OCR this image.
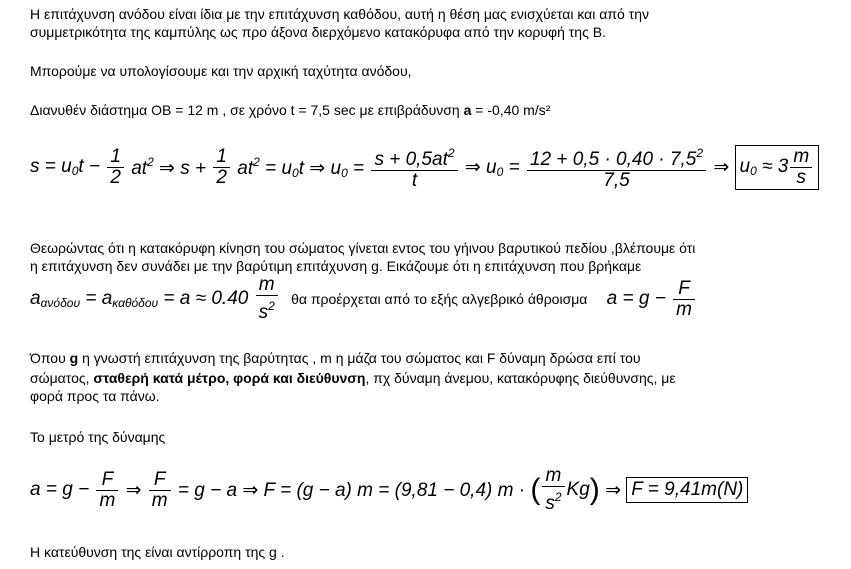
Η επιτάχυνση ανόδου είναι ίδια με την επιτάχυνση καθόδου, αυτή η θέση μας ενισχύεται και από την
συμμετρικότητα της καμπύλης ως προ άξονα διερχόμενο κατακόρυφα από την κορυφή της Β.
Μπορούμε να υπολογίσουμε και την αρχική ταχύτητα ανόδου,
Διανυθέν διάστημα ΟΒ = 12 m , σε χρόνο t = 7,5 sec με επιβράδυνση a = -0,40 m/s²
$s = u_0t - \frac{1}{2} at^2$ ⇒ $s + \frac{1}{2} at^2 = u_0t$ ⇒ $u_0 = \frac{s + 0,5at^2}{t}$ ⇒ $u_0 = \frac{12 + 0,5 \cdot 0,40 \cdot 7,5^2}{7,5}$ ⇒ $u_0 \approx 3 \frac{m}{s}$
Θεωρώντας ότι η κατακόρυφη κίνηση του σώματος γίνεται εντος του γήινου βαρυτικού πεδίου ,βλέπουμε ότι
η επιτάχυνση δεν συνάδει με την βαρύτιμη επιτάχυνση g. Εικάζουμε ότι η επιτάχυνση που βρήκαμε
$a_{\alpha\nu ό\delta o\upsilon} = a_{\kappa\alpha\theta ό\delta o\upsilon} = a \approx 0.40 \frac{m}{s^2}$ θα προέρχεται από το εξής αλγεβρικό άθροισμα $a = g - \frac{F}{m}$
Όπου g η γνωστή επιτάχυνση της βαρύτητας , m η μάζα του σώματος και F δύναμη δρώσα επί του
σώματος, σταθερή κατά μέτρο, φορά και διεύθυνση, πχ δύναμη άνεμου, κατακόρυφης διεύθυνσης, με
φορά προς τα πάνω.
Το μετρό της δύναμης
$a = g - \frac{F}{m}$ ⇒ $\frac{F}{m} = g - a$ ⇒ F = (g − a) m = (9,81 − 0,4) m · ( $\frac{m}{s^2} Kg$) ⇒ F = 9,41m(N)
Η κατεύθυνση της είναι αντίρροπη της g .
